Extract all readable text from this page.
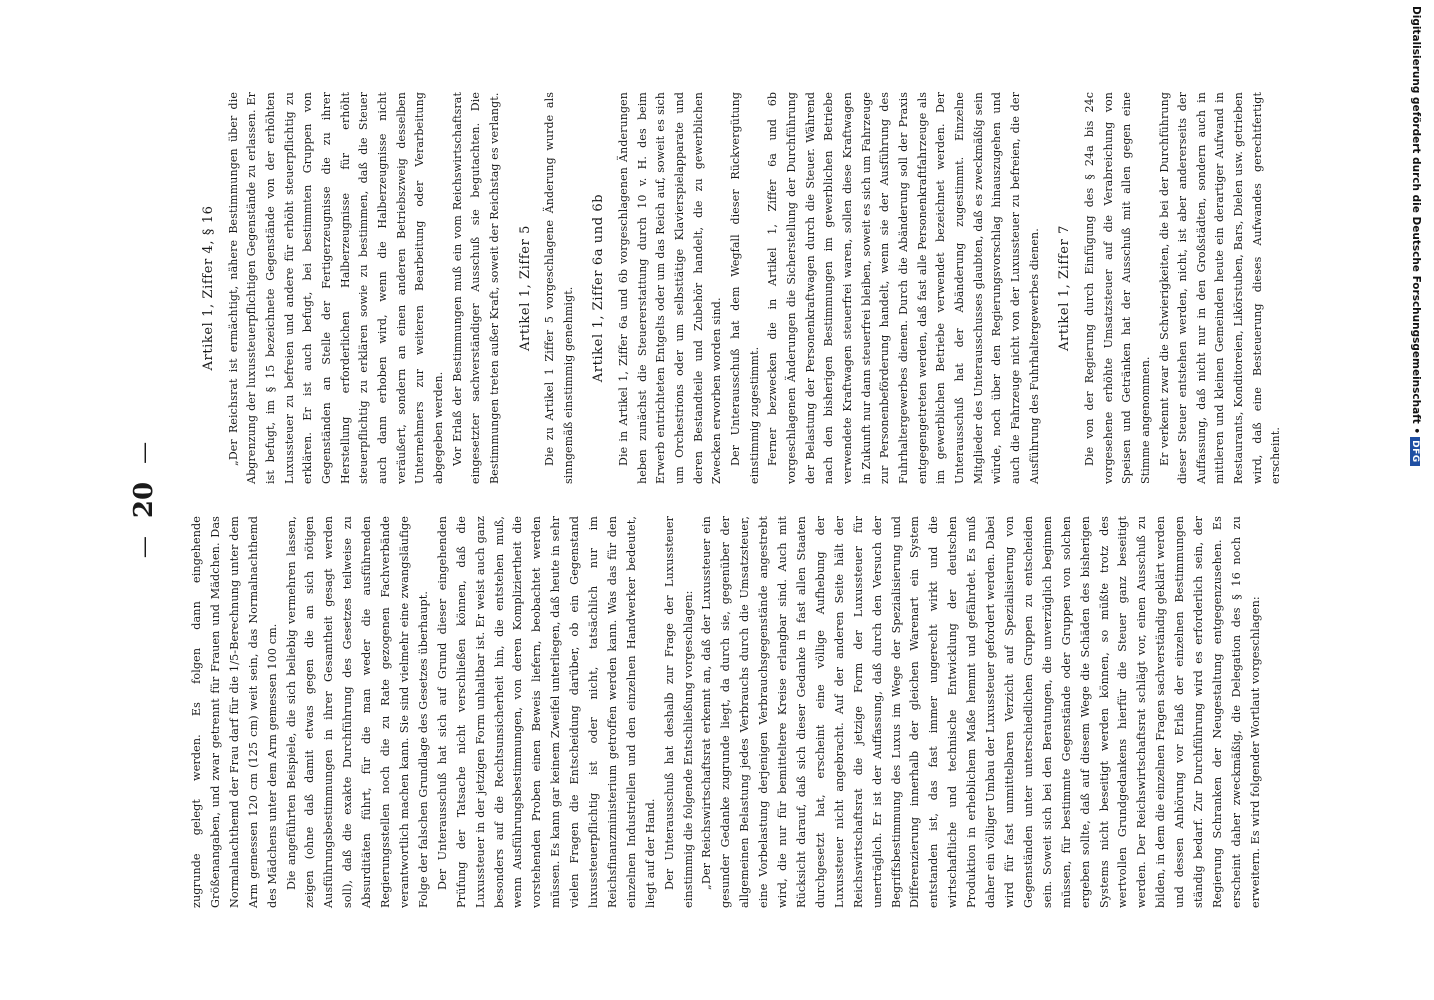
—
20
—

zugrunde gelegt werden. Es folgen dann eingehende Größenangaben, und zwar getrennt für Frauen und Mädchen. Das Normalnachthemd der Frau darf für die 1/5-Berechnung unter dem Arm gemessen 120 cm (125 cm) weit sein, das Normalnachthemd des Mädchens unter dem Arm gemessen 100 cm. Die angeführten Beispiele, die sich beliebig vermehren lassen, zeigen (ohne daß damit etwas gegen die an sich nötigen Ausführungsbestimmungen in ihrer Gesamtheit gesagt werden soll), daß die exakte Durchführung des Gesetzes teilweise zu Absurditäten führt, für die man weder die ausführenden Regierungsstellen noch die zu Rate gezogenen Fachverbände verantwortlich machen kann. Sie sind vielmehr eine zwangsläufige Folge der falschen Grundlage des Gesetzes überhaupt. Der Unterausschuß hat sich auf Grund dieser eingehenden Prüfung der Tatsache nicht verschließen können, daß die Luxussteuer in der jetzigen Form unhaltbar ist. Er weist auch ganz besonders auf die Rechtsunsicherheit hin, die entstehen muß, wenn Ausführungsbestimmungen, von deren Kompliziertheit die vorstehenden Proben einen Beweis liefern, beobachtet werden müssen. Es kann gar keinem Zweifel unterliegen, daß heute in sehr vielen Fragen die Entscheidung darüber, ob ein Gegenstand luxussteuerpflichtig ist oder nicht, tatsächlich nur im Reichsfinanzministerium getroffen werden kann. Was das für den einzelnen Industriellen und den einzelnen Handwerker bedeutet, liegt auf der Hand. Der Unterausschuß hat deshalb zur Frage der Luxussteuer einstimmig die folgende Entschließung vorgeschlagen: „Der Reichswirtschaftsrat erkennt an, daß der Luxussteuer ein gesunder Gedanke zugrunde liegt, da durch sie, gegenüber der allgemeinen Belastung jedes Verbrauchs durch die Umsatzsteuer, eine Vorbelastung derjenigen Verbrauchsgegenstände angestrebt wird, die nur für bemitteltere Kreise erlangbar sind. Auch mit Rücksicht darauf, daß sich dieser Gedanke in fast allen Staaten durchgesetzt hat, erscheint eine völlige Aufhebung der Luxussteuer nicht angebracht. Auf der anderen Seite hält der Reichswirtschaftsrat die jetzige Form der Luxussteuer für unerträglich. Er ist der Auffassung, daß durch den Versuch der Begriffsbestimmung des Luxus im Wege der Spezialisierung und Differenzierung innerhalb der gleichen Warenart ein System entstanden ist, das fast immer ungerecht wirkt und die wirtschaftliche und technische Entwicklung der deutschen Produktion in erheblichem Maße hemmt und gefährdet. Es muß daher ein völliger Umbau der Luxussteuer gefordert werden. Dabei wird für fast unmittelbaren Verzicht auf Spezialisierung von Gegenständen unter unterschiedlichen Gruppen zu entscheiden sein. Soweit sich bei den Beratungen, die unverzüglich beginnen müssen, für bestimmte Gegenstände oder Gruppen von solchen ergeben sollte, daß auf diesem Wege die Schäden des bisherigen Systems nicht beseitigt werden können, so müßte trotz des wertvollen Grundgedankens hierfür die Steuer ganz beseitigt werden. Der Reichswirtschaftsrat schlägt vor, einen Ausschuß zu bilden, in dem die einzelnen Fragen sachverständig geklärt werden und dessen Anhörung vor Erlaß der einzelnen Bestimmungen ständig bedarf. Zur Durchführung wird es erforderlich sein, der Regierung Schranken der Neugestaltung entgegenzusehen. Es erscheint daher zweckmäßig, die Delegation des § 16 noch zu erweitern. Es wird folgender Wortlaut vorgeschlagen:

Artikel 1, Ziffer 4, § 16 „Der Reichsrat ist ermächtigt, nähere Bestimmungen über die Abgrenzung der luxussteuerpflichtigen Gegenstände zu erlassen. Er ist befugt, im § 15 bezeichnete Gegenstände von der erhöhten Luxussteuer zu befreien und andere für erhöht steuerpflichtig zu erklären. Er ist auch befugt, bei bestimmten Gruppen von Gegenständen an Stelle der Fertigerzeugnisse die zu ihrer Herstellung erforderlichen Halberzeugnisse für erhöht steuerpflichtig zu erklären sowie zu bestimmen, daß die Steuer auch dann erhoben wird, wenn die Halberzeugnisse nicht veräußert, sondern an einen anderen Betriebszweig desselben Unternehmers zur weiteren Bearbeitung oder Verarbeitung abgegeben werden. Vor Erlaß der Bestimmungen muß ein vom Reichswirtschaftsrat eingesetzter sachverständiger Ausschuß sie begutachten. Die Bestimmungen treten außer Kraft, soweit der Reichstag es verlangt. Artikel 1, Ziffer 5 Die zu Artikel 1 Ziffer 5 vorgeschlagene Änderung wurde als sinngemäß einstimmig genehmigt. Artikel 1, Ziffer 6a und 6b Die in Artikel 1, Ziffer 6a und 6b vorgeschlagenen Änderungen heben zunächst die Steuererstattung durch 10 v. H. des beim Erwerb entrichteten Entgelts oder um das Reich auf, soweit es sich um Orchestrions oder um selbsttätige Klavierspielapparate und deren Bestandteile und Zubehör handelt, die zu gewerblichen Zwecken erworben worden sind. Der Unterausschuß hat dem Wegfall dieser Rückvergütung einstimmig zugestimmt. Ferner bezwecken die in Artikel 1, Ziffer 6a und 6b vorgeschlagenen Änderungen die Sicherstellung der Durchführung der Belastung der Personenkraftwagen durch die Steuer. Während nach den bisherigen Bestimmungen im gewerblichen Betriebe verwendete Kraftwagen steuerfrei waren, sollen diese Kraftwagen in Zukunft nur dann steuerfrei bleiben, soweit es sich um Fahrzeuge zur Personenbeförderung handelt, wenn sie der Ausführung des Fuhrhaltergewerbes dienen. Durch die Abänderung soll der Praxis entgegengetreten werden, daß fast alle Personenkraftfahrzeuge als im gewerblichen Betriebe verwendet bezeichnet werden. Der Unterausschuß hat der Abänderung zugestimmt. Einzelne Mitglieder des Unterausschusses glaubten, daß es zweckmäßig sein würde, noch über den Regierungsvorschlag hinauszugehen und auch die Fahrzeuge nicht von der Luxussteuer zu befreien, die der Ausführung des Fuhrhaltergewerbes dienen. Artikel 1, Ziffer 7 Die von der Regierung durch Einfügung des § 24a bis 24c vorgesehene erhöhte Umsatzsteuer auf die Verabreichung von Speisen und Getränken hat der Ausschuß mit allen gegen eine Stimme angenommen. Er verkennt zwar die Schwierigkeiten, die bei der Durchführung dieser Steuer entstehen werden, nicht, ist aber andererseits der Auffassung, daß nicht nur in den Großstädten, sondern auch in mittleren und kleinen Gemeinden heute ein derartiger Aufwand in Restaurants, Konditoreien, Likörstuben, Bars, Dielen usw. getrieben wird, daß eine Besteuerung dieses Aufwandes gerechtfertigt erscheint.

Digitalisierung gefördert durch die Deutsche Forschungsgemeinschaft •DFG
